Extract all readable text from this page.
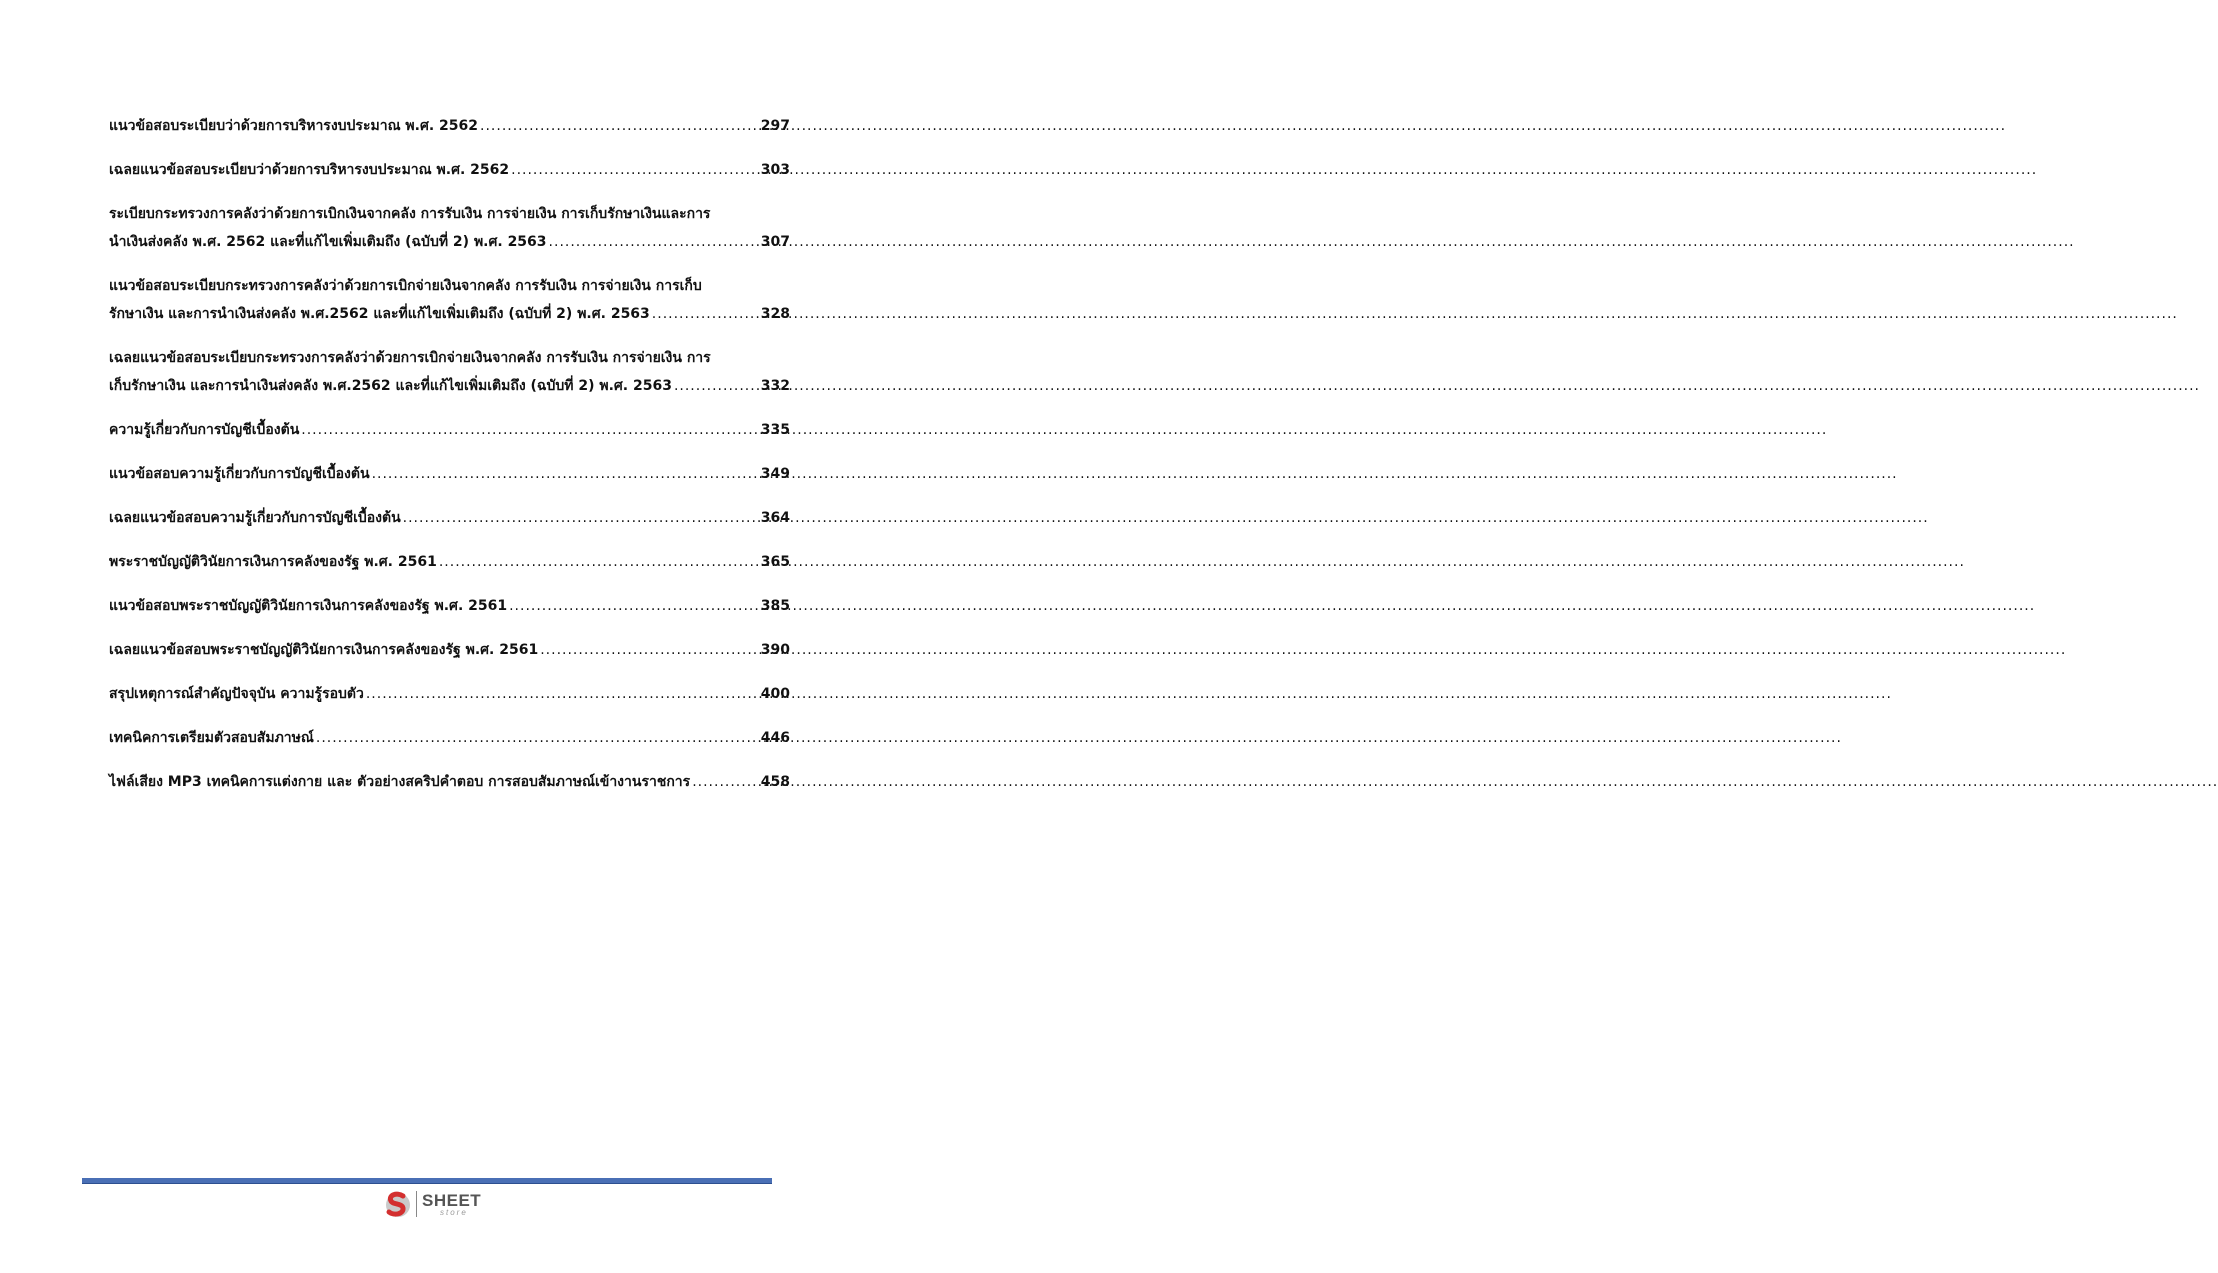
แนวข้อสอบระเบียบว่าด้วยการบริหารงบประมาณ พ.ศ. 2562 .....	297
เฉลยแนวข้อสอบระเบียบว่าด้วยการบริหารงบประมาณ พ.ศ. 2562 .....	303
ระเบียบกระทรวงการคลังว่าด้วยการเบิกเงินจากคลัง การรับเงิน การจ่ายเงิน การเก็บรักษาเงินและการ
นำเงินส่งคลัง พ.ศ. 2562 และที่แก้ไขเพิ่มเติมถึง (ฉบับที่ 2) พ.ศ. 2563 .....	307
แนวข้อสอบระเบียบกระทรวงการคลังว่าด้วยการเบิกจ่ายเงินจากคลัง การรับเงิน การจ่ายเงิน การเก็บ
รักษาเงิน และการนำเงินส่งคลัง พ.ศ.2562 และที่แก้ไขเพิ่มเติมถึง (ฉบับที่ 2) พ.ศ. 2563 .....	328
เฉลยแนวข้อสอบระเบียบกระทรวงการคลังว่าด้วยการเบิกจ่ายเงินจากคลัง การรับเงิน การจ่ายเงิน การ
เก็บรักษาเงิน และการนำเงินส่งคลัง พ.ศ.2562 และที่แก้ไขเพิ่มเติมถึง (ฉบับที่ 2) พ.ศ. 2563 .....	332
ความรู้เกี่ยวกับการบัญชีเบื้องต้น .....	335
แนวข้อสอบความรู้เกี่ยวกับการบัญชีเบื้องต้น .....	349
เฉลยแนวข้อสอบความรู้เกี่ยวกับการบัญชีเบื้องต้น .....	364
พระราชบัญญัติวินัยการเงินการคลังของรัฐ พ.ศ. 2561 .....	365
แนวข้อสอบพระราชบัญญัติวินัยการเงินการคลังของรัฐ พ.ศ. 2561 .....	385
เฉลยแนวข้อสอบพระราชบัญญัติวินัยการเงินการคลังของรัฐ พ.ศ. 2561 .....	390
สรุปเหตุการณ์สำคัญปัจจุบัน ความรู้รอบตัว .....	400
เทคนิคการเตรียมตัวสอบสัมภาษณ์ .....	446
ไฟล์เสียง MP3 เทคนิคการแต่งกาย และ ตัวอย่างสคริปคำตอบ การสอบสัมภาษณ์เข้างานราชการ .....	458
SHEET
store
